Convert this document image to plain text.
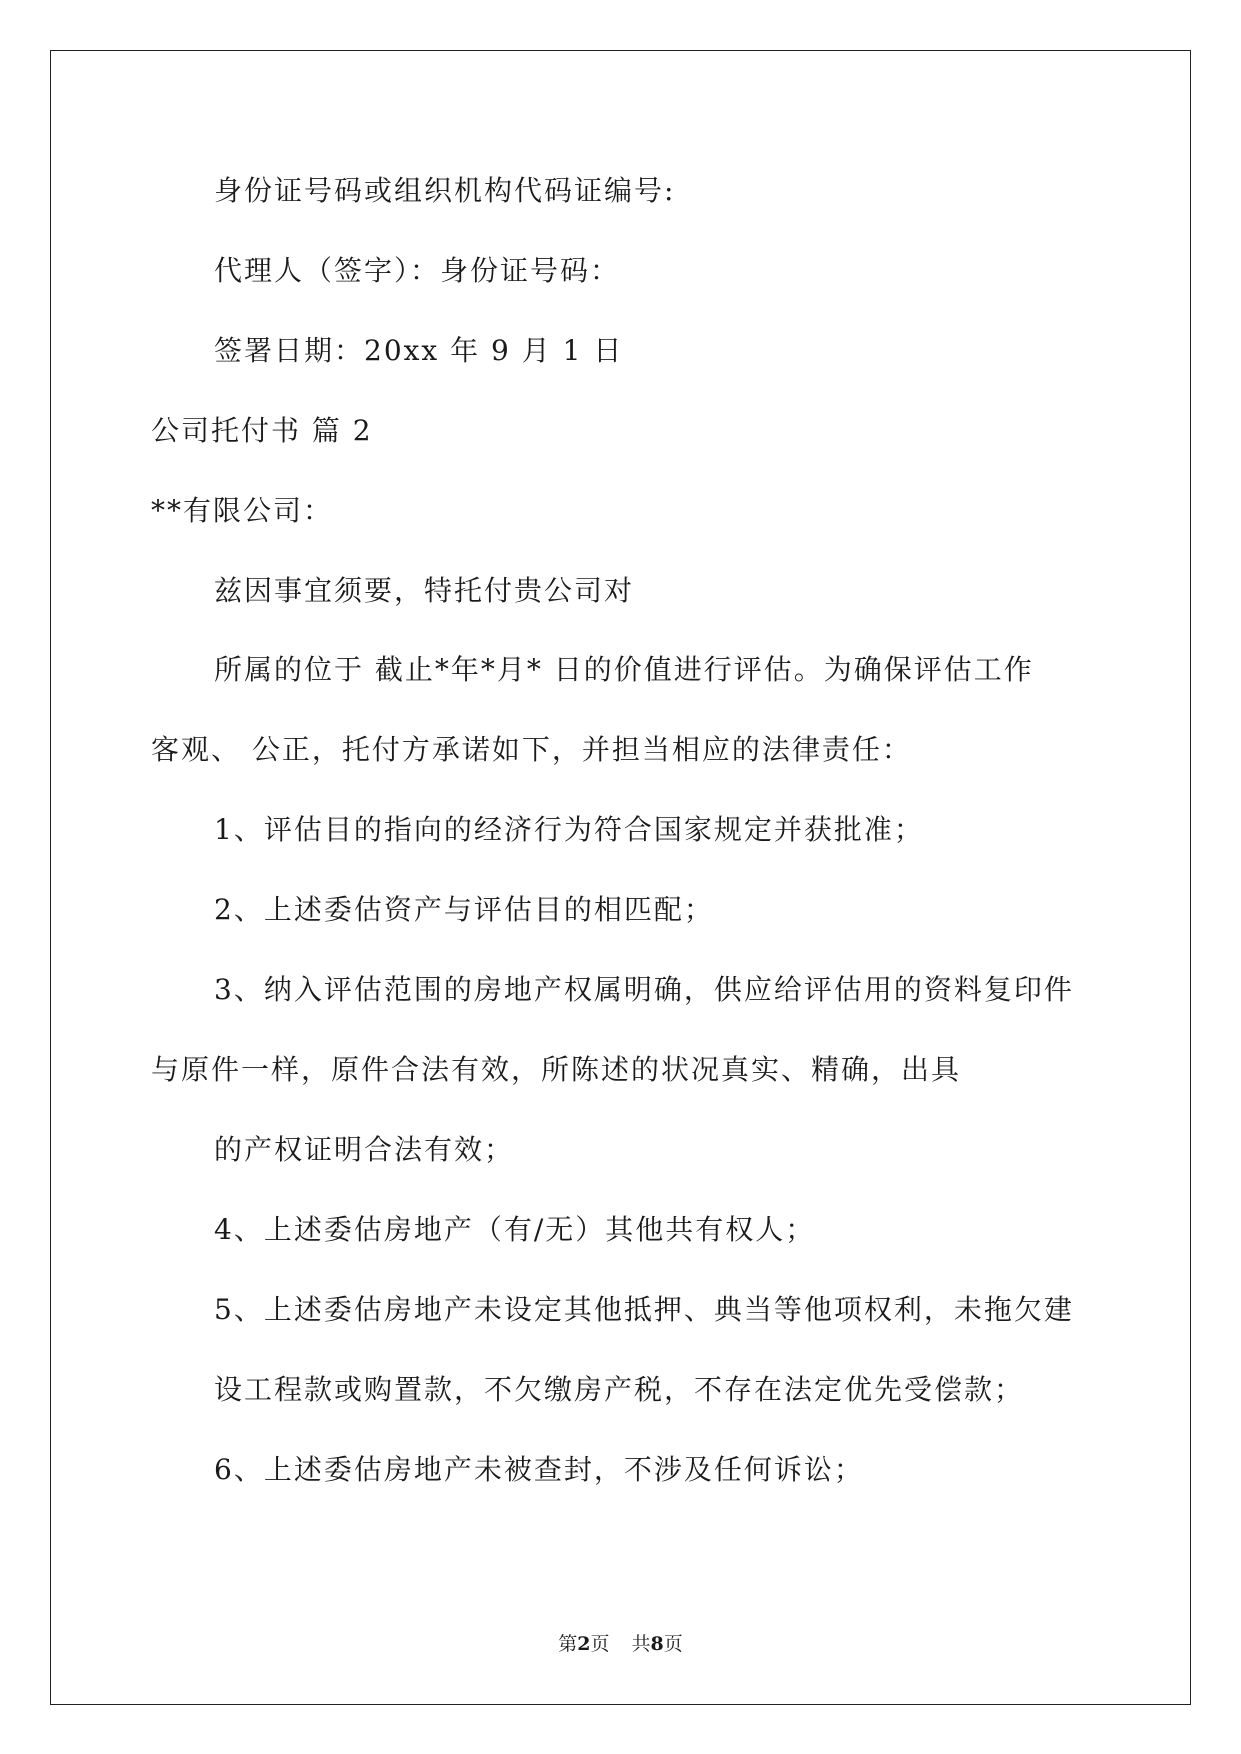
身份证号码或组织机构代码证编号:
代理人（签字）：身份证号码：
签署日期：20xx 年 9 月 1 日
公司托付书 篇 2
**有限公司：
兹因事宜须要，特托付贵公司对
所属的位于 截止*年*月* 日的价值进行评估。为确保评估工作
客观、 公正，托付方承诺如下，并担当相应的法律责任：
1、评估目的指向的经济行为符合国家规定并获批准；
2、上述委估资产与评估目的相匹配；
3、纳入评估范围的房地产权属明确，供应给评估用的资料复印件
与原件一样，原件合法有效，所陈述的状况真实、精确，出具
的产权证明合法有效；
4、上述委估房地产（有/无）其他共有权人；
5、上述委估房地产未设定其他抵押、典当等他项权利，未拖欠建
设工程款或购置款，不欠缴房产税，不存在法定优先受偿款；
6、上述委估房地产未被查封，不涉及任何诉讼；
第2页 共8页
